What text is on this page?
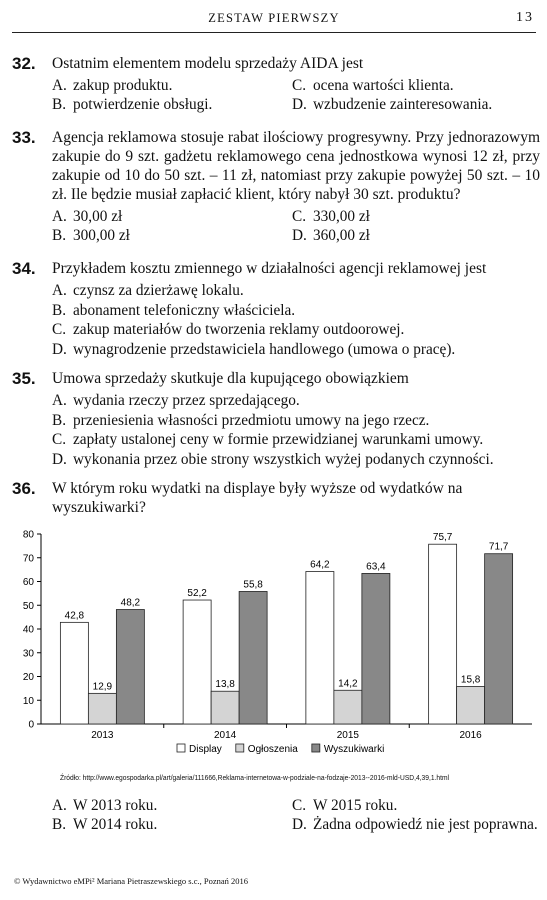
ZESTAW PIERWSZY	13
32. Ostatnim elementem modelu sprzedaży AIDA jest
A. zakup produktu.	C. ocena wartości klienta.
B. potwierdzenie obsługi.	D. wzbudzenie zainteresowania.
33. Agencja reklamowa stosuje rabat ilościowy progresywny. Przy jednorazowym zakupie do 9 szt. gadżetu reklamowego cena jednostkowa wynosi 12 zł, przy zakupie od 10 do 50 szt. – 11 zł, natomiast przy zakupie powyżej 50 szt. – 10 zł. Ile będzie musiał zapłacić klient, który nabył 30 szt. produktu?
A. 30,00 zł	C. 330,00 zł
B. 300,00 zł	D. 360,00 zł
34. Przykładem kosztu zmiennego w działalności agencji reklamowej jest
A. czynsz za dzierżawę lokalu.
B. abonament telefoniczny właściciela.
C. zakup materiałów do tworzenia reklamy outdoorowej.
D. wynagrodzenie przedstawiciela handlowego (umowa o pracę).
35. Umowa sprzedaży skutkuje dla kupującego obowiązkiem
A. wydania rzeczy przez sprzedającego.
B. przeniesienia własności przedmiotu umowy na jego rzecz.
C. zapłaty ustalonej ceny w formie przewidzianej warunkami umowy.
D. wykonania przez obie strony wszystkich wyżej podanych czynności.
36. W którym roku wydatki na displaye były wyższe od wydatków na wyszukiwarki?
0
10
20
30
40
50
60
70
80
42,8
12,9
48,2
2013
52,2
13,8
55,8
2014
64,2
14,2
63,4
2015
75,7
15,8
71,7
2016
Display	Ogłoszenia	Wyszukiwarki
Źródło: http://www.egospodarka.pl/art/galeria/111666,Reklama-internetowa-w-podziale-na-fodzaje-2013--2016-mld-USD,4,39,1.html
A. W 2013 roku.	C. W 2015 roku.
B. W 2014 roku.	D. Żadna odpowiedź nie jest poprawna.
© Wydawnictwo eMPi² Mariana Pietraszewskiego s.c., Poznań 2016
